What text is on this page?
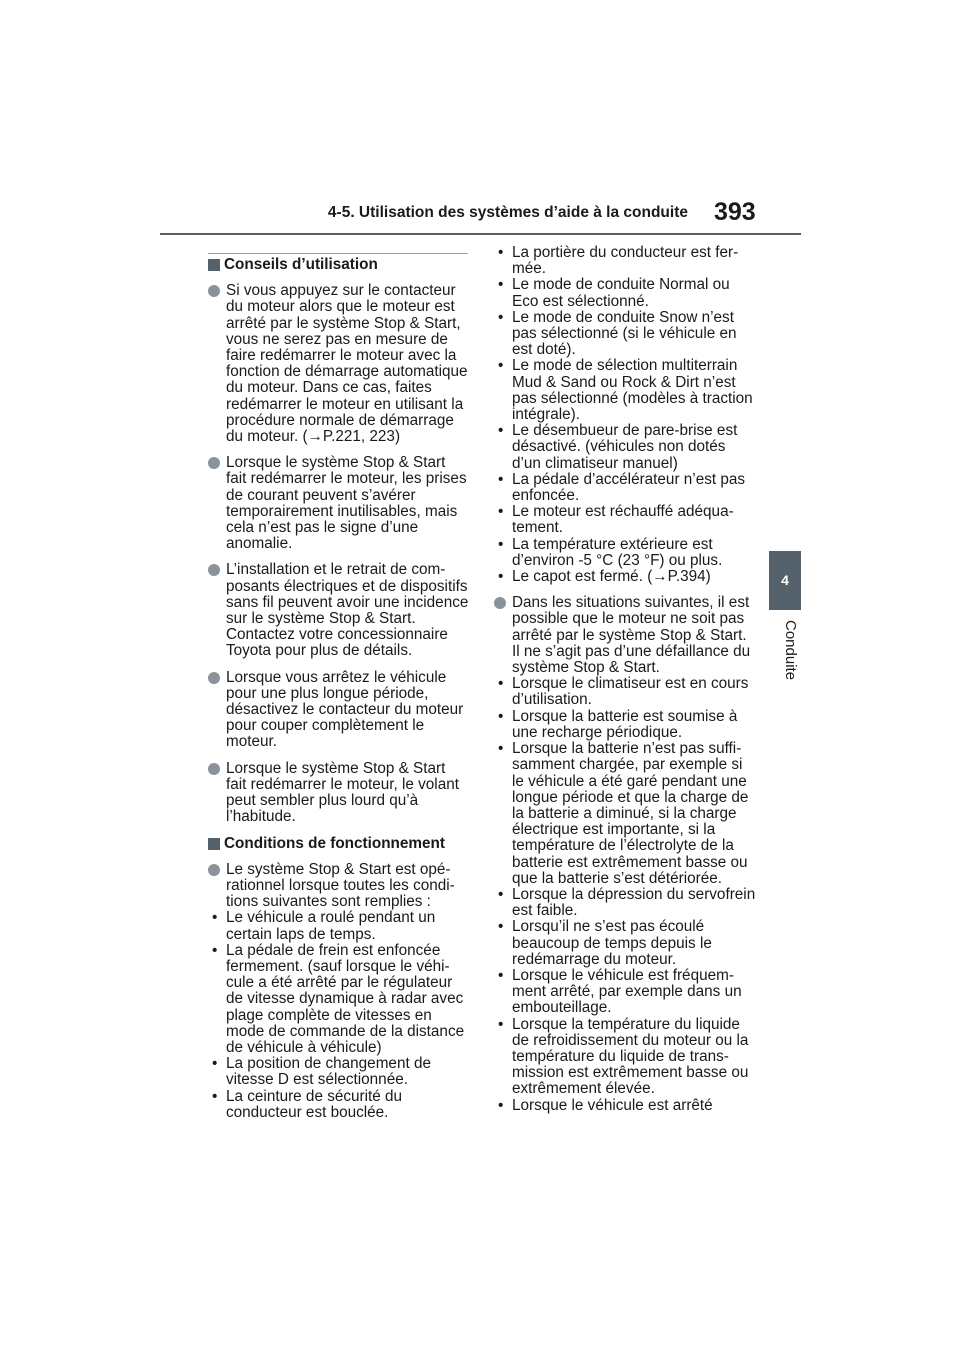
4-5. Utilisation des systèmes d’aide à la conduite 393
4
Conduite
Conseils d’utilisation
Si vous appuyez sur le contacteur du moteur alors que le moteur est arrêté par le système Stop & Start, vous ne serez pas en mesure de faire redémarrer le moteur avec la fonction de démarrage automatique du moteur. Dans ce cas, faites redémarrer le moteur en utilisant la procédure normale de démarrage du moteur. (→P.221, 223)
Lorsque le système Stop & Start fait redémarrer le moteur, les prises de courant peuvent s’avérer temporairement inutilisables, mais cela n’est pas le signe d’une anomalie.
L’installation et le retrait de composants électriques et de dispositifs sans fil peuvent avoir une incidence sur le système Stop & Start. Contactez votre concessionnaire Toyota pour plus de détails.
Lorsque vous arrêtez le véhicule pour une plus longue période, désactivez le contacteur du moteur pour couper complètement le moteur.
Lorsque le système Stop & Start fait redémarrer le moteur, le volant peut sembler plus lourd qu’à l’habitude.
Conditions de fonctionnement
Le système Stop & Start est opérationnel lorsque toutes les conditions suivantes sont remplies :
• Le véhicule a roulé pendant un certain laps de temps.
• La pédale de frein est enfoncée fermement. (sauf lorsque le véhicule a été arrêté par le régulateur de vitesse dynamique à radar avec plage complète de vitesses en mode de commande de la distance de véhicule à véhicule)
• La position de changement de vitesse D est sélectionnée.
• La ceinture de sécurité du conducteur est bouclée.
• La portière du conducteur est fermée.
• Le mode de conduite Normal ou Eco est sélectionné.
• Le mode de conduite Snow n’est pas sélectionné (si le véhicule en est doté).
• Le mode de sélection multiterrain Mud & Sand ou Rock & Dirt n’est pas sélectionné (modèles à traction intégrale).
• Le désembueur de pare-brise est désactivé. (véhicules non dotés d’un climatiseur manuel)
• La pédale d’accélérateur n’est pas enfoncée.
• Le moteur est réchauffé adéquatement.
• La température extérieure est d’environ -5 °C (23 °F) ou plus.
• Le capot est fermé. (→P.394)
Dans les situations suivantes, il est possible que le moteur ne soit pas arrêté par le système Stop & Start. Il ne s’agit pas d’une défaillance du système Stop & Start.
• Lorsque le climatiseur est en cours d’utilisation.
• Lorsque la batterie est soumise à une recharge périodique.
• Lorsque la batterie n’est pas suffisamment chargée, par exemple si le véhicule a été garé pendant une longue période et que la charge de la batterie a diminué, si la charge électrique est importante, si la température de l’électrolyte de la batterie est extrêmement basse ou que la batterie s’est détériorée.
• Lorsque la dépression du servofrein est faible.
• Lorsqu’il ne s’est pas écoulé beaucoup de temps depuis le redémarrage du moteur.
• Lorsque le véhicule est fréquemment arrêté, par exemple dans un embouteillage.
• Lorsque la température du liquide de refroidissement du moteur ou la température du liquide de transmission est extrêmement basse ou extrêmement élevée.
• Lorsque le véhicule est arrêté
